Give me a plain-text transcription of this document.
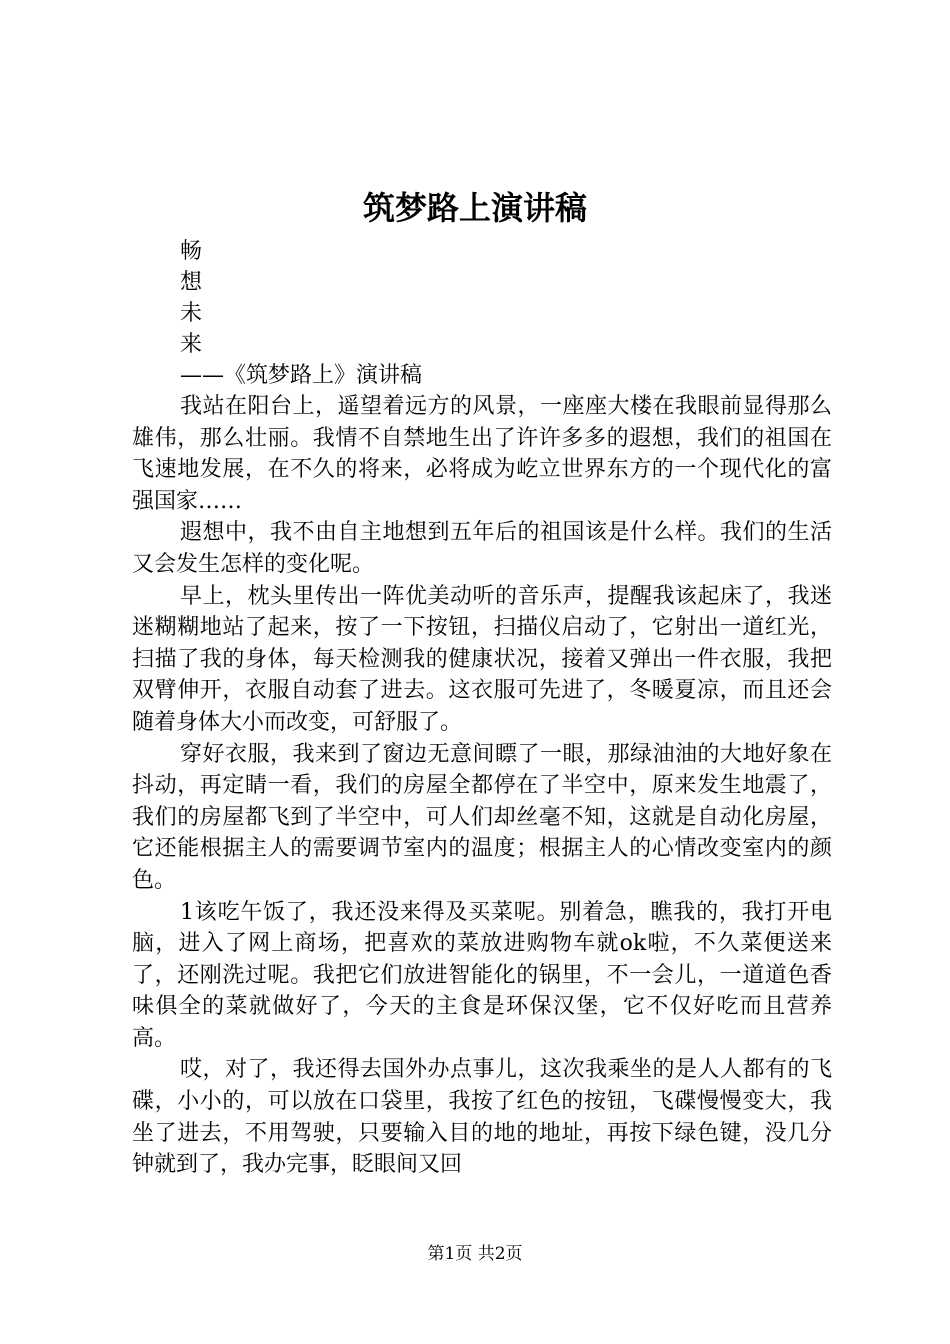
筑梦路上演讲稿
畅
想
未
来
——《筑梦路上》演讲稿

我站在阳台上，遥望着远方的风景，一座座大楼在我眼前显得那么雄伟，那么壮丽。我情不自禁地生出了许许多多的遐想，我们的祖国在飞速地发展，在不久的将来，必将成为屹立世界东方的一个现代化的富强国家……

遐想中，我不由自主地想到五年后的祖国该是什么样。我们的生活又会发生怎样的变化呢。

早上，枕头里传出一阵优美动听的音乐声，提醒我该起床了，我迷迷糊糊地站了起来，按了一下按钮，扫描仪启动了，它射出一道红光，扫描了我的身体，每天检测我的健康状况，接着又弹出一件衣服，我把双臂伸开，衣服自动套了进去。这衣服可先进了，冬暖夏凉，而且还会随着身体大小而改变，可舒服了。

穿好衣服，我来到了窗边无意间瞟了一眼，那绿油油的大地好象在抖动，再定睛一看，我们的房屋全都停在了半空中，原来发生地震了，我们的房屋都飞到了半空中，可人们却丝毫不知，这就是自动化房屋，它还能根据主人的需要调节室内的温度；根据主人的心情改变室内的颜色。

1该吃午饭了，我还没来得及买菜呢。别着急，瞧我的，我打开电脑，进入了网上商场，把喜欢的菜放进购物车就ok啦，不久菜便送来了，还刚洗过呢。我把它们放进智能化的锅里，不一会儿，一道道色香味俱全的菜就做好了，今天的主食是环保汉堡，它不仅好吃而且营养高。

哎，对了，我还得去国外办点事儿，这次我乘坐的是人人都有的飞碟，小小的，可以放在口袋里，我按了红色的按钮，飞碟慢慢变大，我坐了进去，不用驾驶，只要输入目的地的地址，再按下绿色键，没几分钟就到了，我办完事，眨眼间又回

第1页 共2页
